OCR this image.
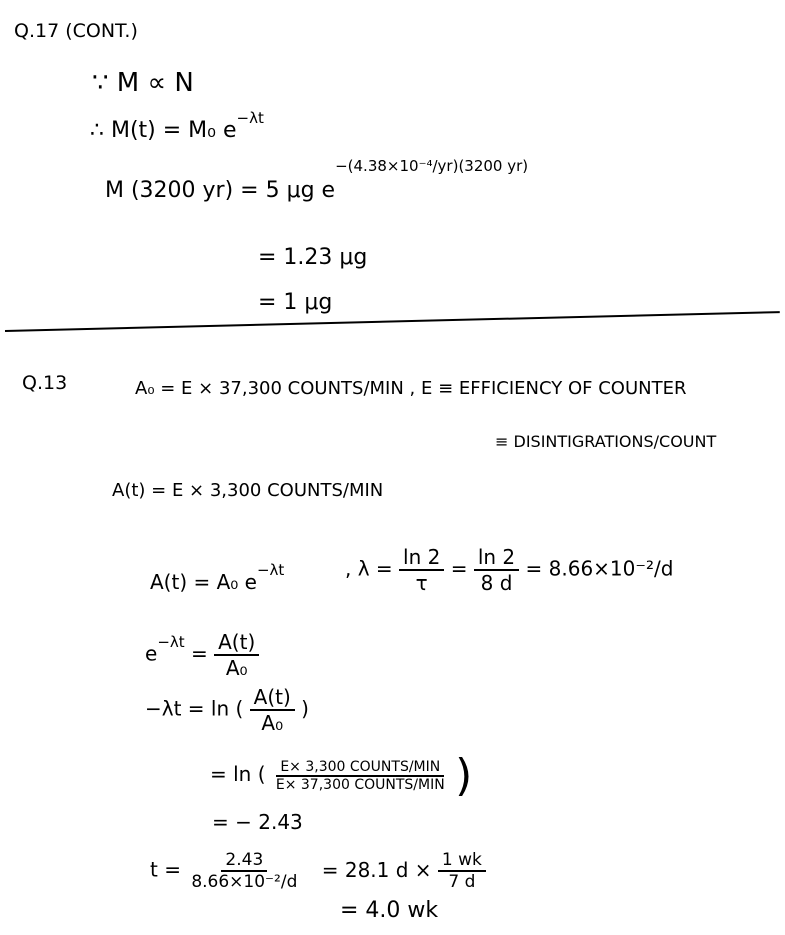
Q.17 (CONT.)
∵ M ∝ N
∴ M(t) = M₀ $e^{-\lambda t}$
M (3200 yr) = 5 μg $e^{-(4.38\times 10^{-4}/yr)(3200 yr)}$
= 1.23 μg
= 1 μg
Q.13	A₀ = E × 37,300 COUNTS/MIN , E ≡ EFFICIENCY OF COUNTER
≡ DISINTIGRATIONS/COUNT
A(t) = E × 3,300 COUNTS/MIN
A(t) = A₀ $e^{-\lambda t}$	, $\lambda = \frac{\ln 2}{\tau} = \frac{\ln 2}{8 d} = 8.66\times 10^{-2}/d$
$e^{-\lambda t} = \frac{A(t)}{\text{A₀}}$
−λt = ln ( $\frac{A(t)}{\text{A₀}}$ )
= ln ( $\frac{\text{E× 3,300 COUNTS/MIN}}{\text{E× 37,300 COUNTS/MIN}}$ )
= − 2.43
$t = \frac{2.43}{\text{8.66×10⁻²/d}} = 28.1$ $d \times \frac{1 wk}{7 d}$
= 4.0 wk
